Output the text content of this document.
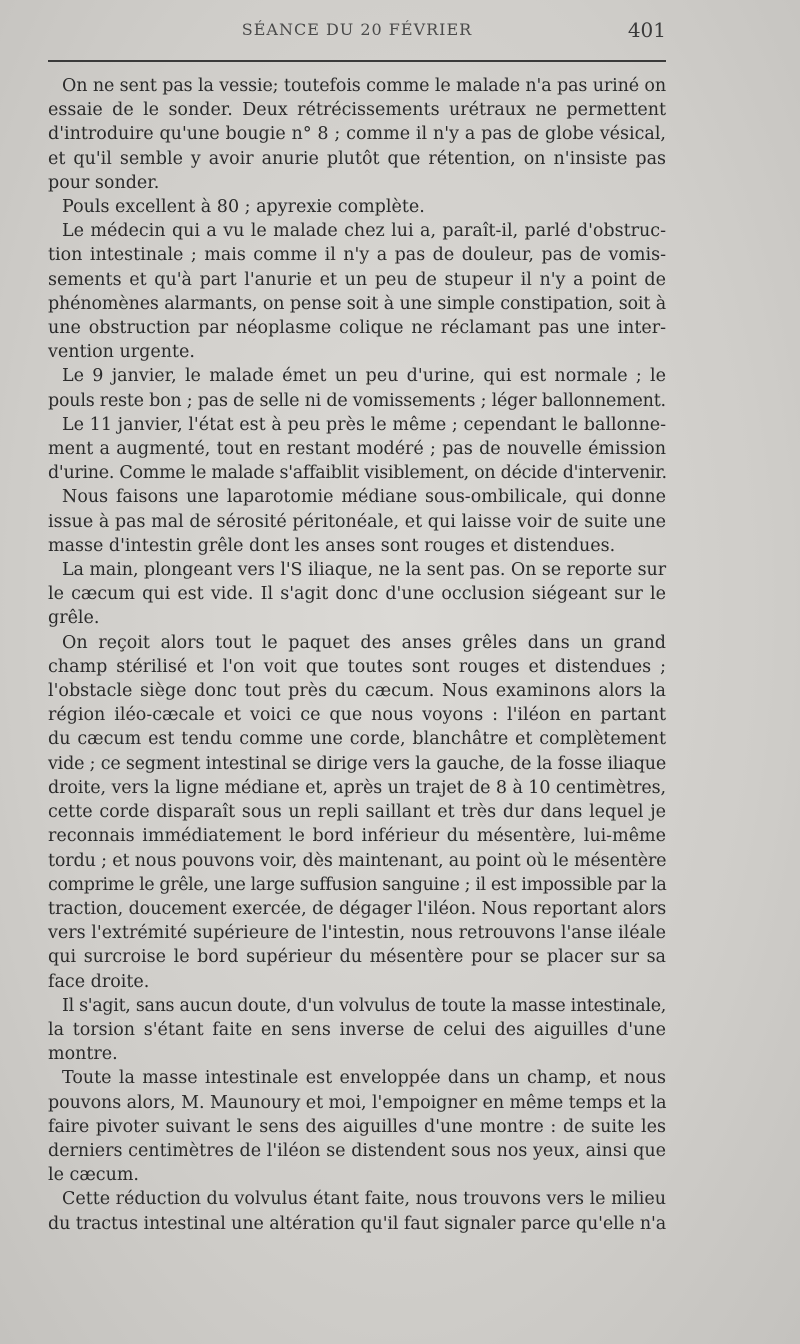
SÉANCE DU 20 FÉVRIER	401
On ne sent pas la vessie; toutefois comme le malade n'a pas uriné on
essaie de le sonder. Deux rétrécissements urétraux ne permettent
d'introduire qu'une bougie n° 8 ; comme il n'y a pas de globe vésical,
et qu'il semble y avoir anurie plutôt que rétention, on n'insiste pas
pour sonder.
Pouls excellent à 80 ; apyrexie complète.
Le médecin qui a vu le malade chez lui a, paraît-il, parlé d'obstruc-
tion intestinale ; mais comme il n'y a pas de douleur, pas de vomis-
sements et qu'à part l'anurie et un peu de stupeur il n'y a point de
phénomènes alarmants, on pense soit à une simple constipation, soit à
une obstruction par néoplasme colique ne réclamant pas une inter-
vention urgente.
Le 9 janvier, le malade émet un peu d'urine, qui est normale ; le
pouls reste bon ; pas de selle ni de vomissements ; léger ballonnement.
Le 11 janvier, l'état est à peu près le même ; cependant le ballonne-
ment a augmenté, tout en restant modéré ; pas de nouvelle émission
d'urine. Comme le malade s'affaiblit visiblement, on décide d'intervenir.
Nous faisons une laparotomie médiane sous-ombilicale, qui donne
issue à pas mal de sérosité péritonéale, et qui laisse voir de suite une
masse d'intestin grêle dont les anses sont rouges et distendues.
La main, plongeant vers l'S iliaque, ne la sent pas. On se reporte sur
le cæcum qui est vide. Il s'agit donc d'une occlusion siégeant sur le
grêle.
On reçoit alors tout le paquet des anses grêles dans un grand
champ stérilisé et l'on voit que toutes sont rouges et distendues ;
l'obstacle siège donc tout près du cæcum. Nous examinons alors la
région iléo-cæcale et voici ce que nous voyons : l'iléon en partant
du cæcum est tendu comme une corde, blanchâtre et complètement
vide ; ce segment intestinal se dirige vers la gauche, de la fosse iliaque
droite, vers la ligne médiane et, après un trajet de 8 à 10 centimètres,
cette corde disparaît sous un repli saillant et très dur dans lequel je
reconnais immédiatement le bord inférieur du mésentère, lui-même
tordu ; et nous pouvons voir, dès maintenant, au point où le mésentère
comprime le grêle, une large suffusion sanguine ; il est impossible par la
traction, doucement exercée, de dégager l'iléon. Nous reportant alors
vers l'extrémité supérieure de l'intestin, nous retrouvons l'anse iléale
qui surcroise le bord supérieur du mésentère pour se placer sur sa
face droite.
Il s'agit, sans aucun doute, d'un volvulus de toute la masse intestinale,
la torsion s'étant faite en sens inverse de celui des aiguilles d'une
montre.
Toute la masse intestinale est enveloppée dans un champ, et nous
pouvons alors, M. Maunoury et moi, l'empoigner en même temps et la
faire pivoter suivant le sens des aiguilles d'une montre : de suite les
derniers centimètres de l'iléon se distendent sous nos yeux, ainsi que
le cæcum.
Cette réduction du volvulus étant faite, nous trouvons vers le milieu
du tractus intestinal une altération qu'il faut signaler parce qu'elle n'a
